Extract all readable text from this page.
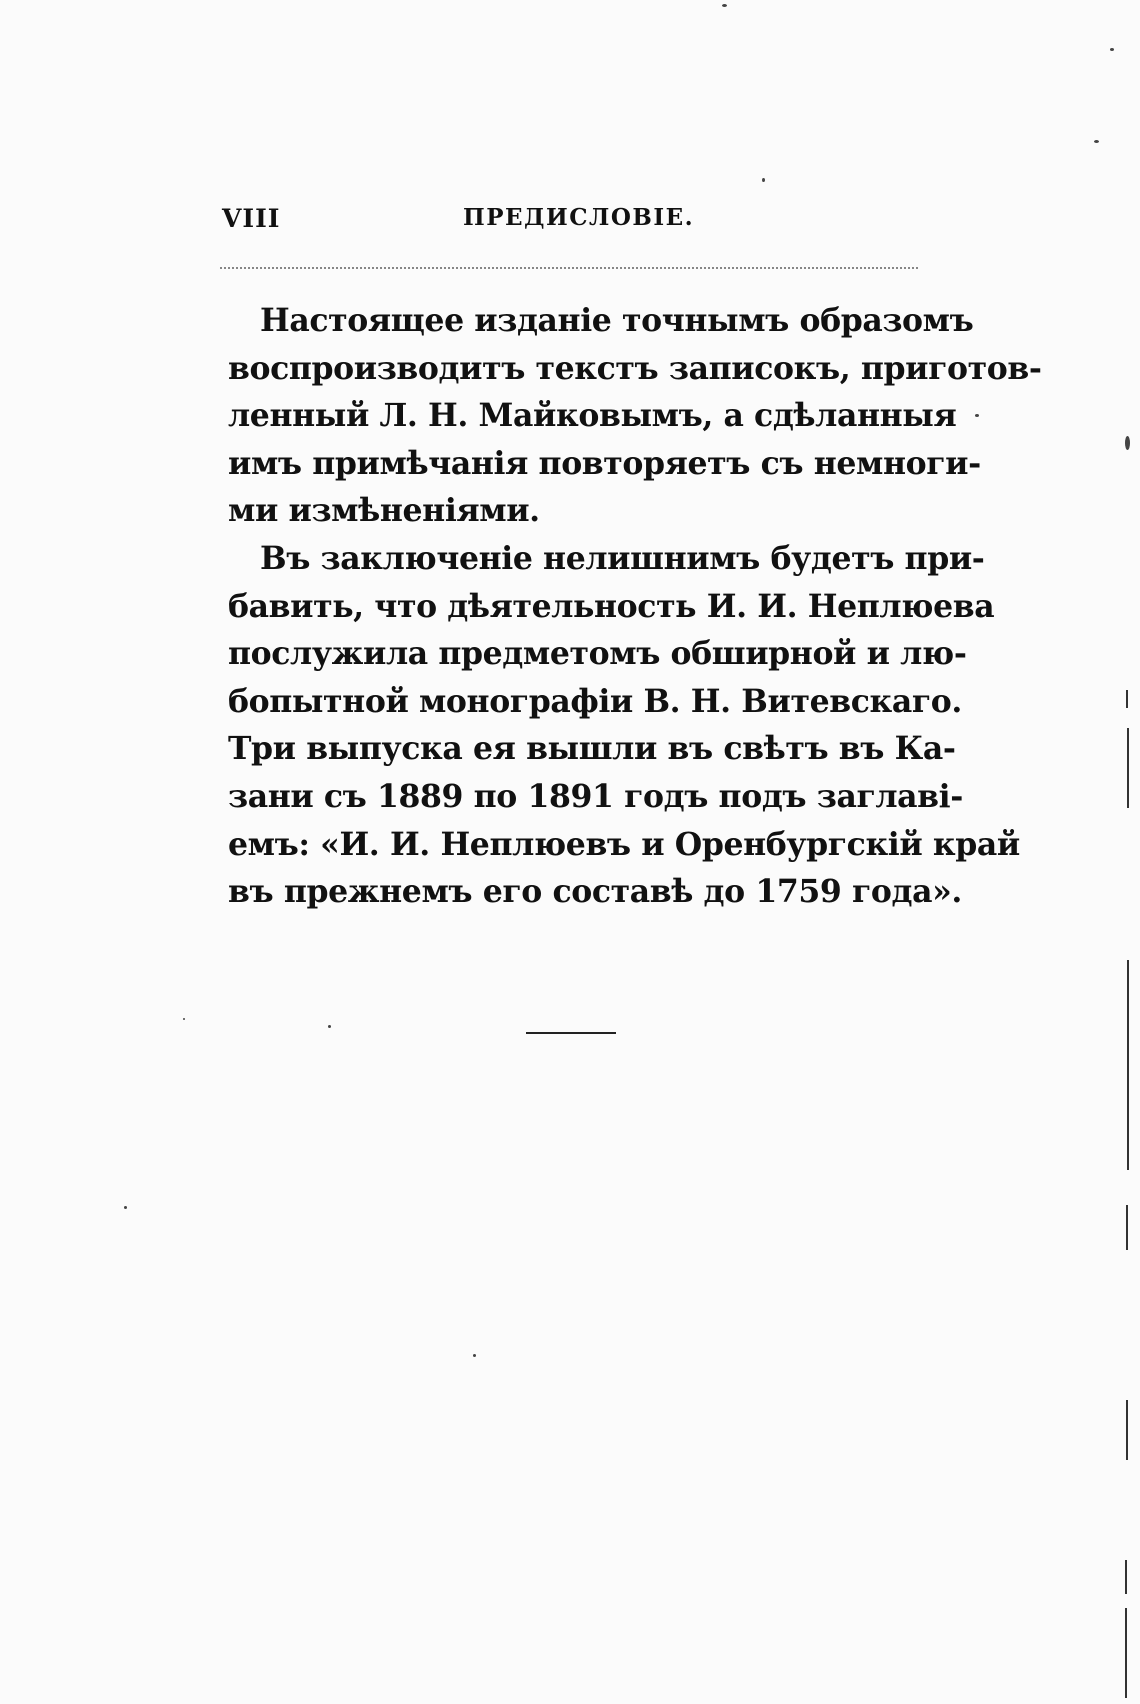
VIII	ПРЕДИСЛОВІЕ.
Настоящее изданіе точнымъ образомъ
воспроизводитъ текстъ записокъ, приготов-
ленный Л. Н. Майковымъ, а сдѣланныя
имъ примѣчанія повторяетъ съ немноги-
ми измѣненіями.
Въ заключеніе нелишнимъ будетъ при-
бавить, что дѣятельность И. И. Неплюева
послужила предметомъ обширной и лю-
бопытной монографіи В. Н. Витевскаго.
Три выпуска ея вышли въ свѣтъ въ Ка-
зани съ 1889 по 1891 годъ подъ заглавi-
емъ: «И. И. Неплюевъ и Оренбургскій край
въ прежнемъ его составѣ до 1759 года».
